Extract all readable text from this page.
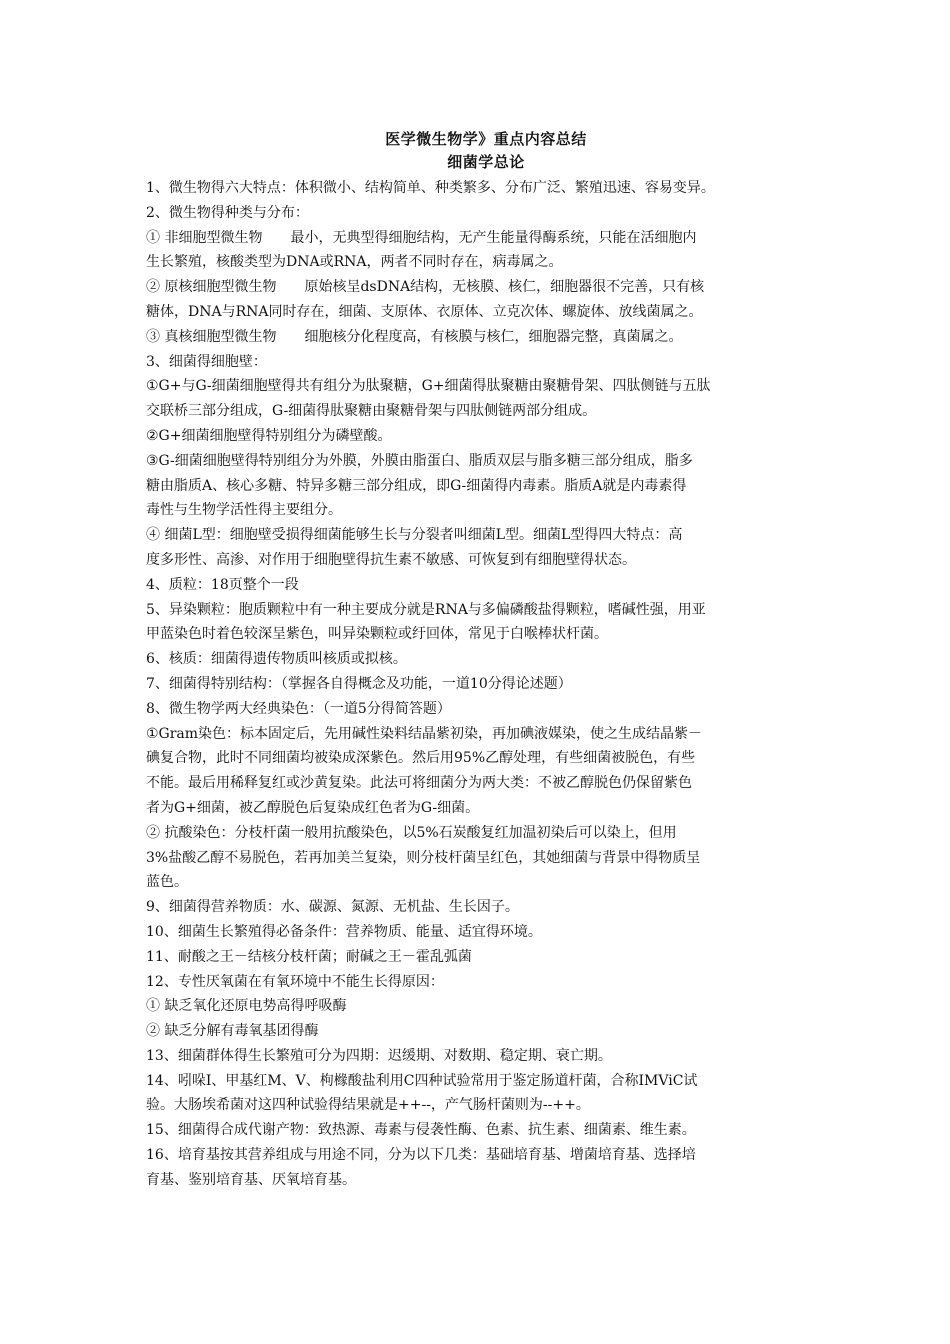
医学微生物学》重点内容总结
细菌学总论

1、微生物得六大特点：体积微小、结构简单、种类繁多、分布广泛、繁殖迅速、容易变异。

2、微生物得种类与分布：

① 非细胞型微生物　　最小，无典型得细胞结构，无产生能量得酶系统，只能在活细胞内

生长繁殖，核酸类型为DNA或RNA，两者不同时存在，病毒属之。

② 原核细胞型微生物　　原始核呈dsDNA结构，无核膜、核仁，细胞器很不完善，只有核

糖体，DNA与RNA同时存在，细菌、支原体、衣原体、立克次体、螺旋体、放线菌属之。

③ 真核细胞型微生物　　细胞核分化程度高，有核膜与核仁，细胞器完整，真菌属之。

3、细菌得细胞壁：

①G+与G-细菌细胞壁得共有组分为肽聚糖，G+细菌得肽聚糖由聚糖骨架、四肽侧链与五肽

交联桥三部分组成，G-细菌得肽聚糖由聚糖骨架与四肽侧链两部分组成。

②G+细菌细胞壁得特别组分为磷壁酸。

③G-细菌细胞壁得特别组分为外膜，外膜由脂蛋白、脂质双层与脂多糖三部分组成，脂多

糖由脂质A、核心多糖、特异多糖三部分组成，即G-细菌得内毒素。脂质A就是内毒素得

毒性与生物学活性得主要组分。

④ 细菌L型：细胞壁受损得细菌能够生长与分裂者叫细菌L型。细菌L型得四大特点：高

度多形性、高渗、对作用于细胞壁得抗生素不敏感、可恢复到有细胞壁得状态。

4、质粒：18页整个一段

5、异染颗粒：胞质颗粒中有一种主要成分就是RNA与多偏磷酸盐得颗粒，嗜碱性强，用亚

甲蓝染色时着色较深呈紫色，叫异染颗粒或纡回体，常见于白喉棒状杆菌。

6、核质：细菌得遗传物质叫核质或拟核。

7、细菌得特别结构：（掌握各自得概念及功能，一道10分得论述题）

8、微生物学两大经典染色：（一道5分得简答题）

①Gram染色：标本固定后，先用碱性染料结晶紫初染，再加碘液媒染，使之生成结晶紫－

碘复合物，此时不同细菌均被染成深紫色。然后用95%乙醇处理，有些细菌被脱色，有些

不能。最后用稀释复红或沙黄复染。此法可将细菌分为两大类：不被乙醇脱色仍保留紫色

者为G+细菌，被乙醇脱色后复染成红色者为G-细菌。

② 抗酸染色：分枝杆菌一般用抗酸染色，以5%石炭酸复红加温初染后可以染上，但用

3%盐酸乙醇不易脱色，若再加美兰复染，则分枝杆菌呈红色，其她细菌与背景中得物质呈

蓝色。

9、细菌得营养物质：水、碳源、氮源、无机盐、生长因子。

10、细菌生长繁殖得必备条件：营养物质、能量、适宜得环境。

11、耐酸之王－结核分枝杆菌；耐碱之王－霍乱弧菌

12、专性厌氧菌在有氧环境中不能生长得原因：

① 缺乏氧化还原电势高得呼吸酶

② 缺乏分解有毒氧基团得酶

13、细菌群体得生长繁殖可分为四期：迟缓期、对数期、稳定期、衰亡期。

14、吲哚I、甲基红M、V、枸橼酸盐利用C四种试验常用于鉴定肠道杆菌，合称IMViC试

验。大肠埃希菌对这四种试验得结果就是++--，产气肠杆菌则为--++。

15、细菌得合成代谢产物：致热源、毒素与侵袭性酶、色素、抗生素、细菌素、维生素。

16、培育基按其营养组成与用途不同，分为以下几类：基础培育基、增菌培育基、选择培

育基、鉴别培育基、厌氧培育基。
